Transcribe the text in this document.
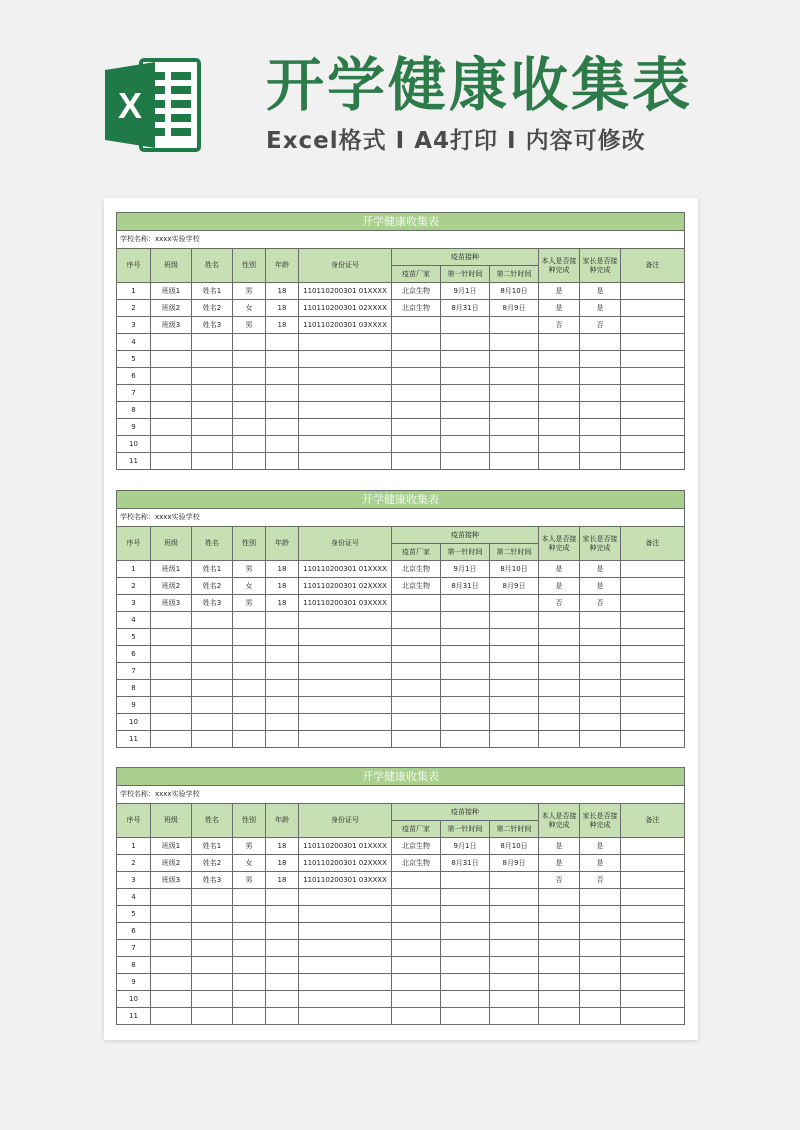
X 开学健康收集表
Excel格式 I A4打印 I 内容可修改
开学健康收集表											
学校名称：xxxx实验学校											
序号	班级	姓名	性别	年龄	身份证号	疫苗接种			本人是否接种完成	家长是否接种完成	备注
						疫苗厂家	第一针时间	第二针时间			
1	班级1	姓名1	男	18	110110200301 01XXXX	北京生物	9月1日	8月10日	是	是	
2	班级2	姓名2	女	18	110110200301 02XXXX	北京生物	8月31日	8月9日	是	是	
3	班级3	姓名3	男	18	110110200301 03XXXX				否	否	
4											
5											
6											
7											
8											
9											
10											
11											
开学健康收集表											
学校名称：xxxx实验学校											
序号	班级	姓名	性别	年龄	身份证号	疫苗接种			本人是否接种完成	家长是否接种完成	备注
						疫苗厂家	第一针时间	第二针时间			
1	班级1	姓名1	男	18	110110200301 01XXXX	北京生物	9月1日	8月10日	是	是	
2	班级2	姓名2	女	18	110110200301 02XXXX	北京生物	8月31日	8月9日	是	是	
3	班级3	姓名3	男	18	110110200301 03XXXX				否	否	
4											
5											
6											
7											
8											
9											
10											
11											
开学健康收集表											
学校名称：xxxx实验学校											
序号	班级	姓名	性别	年龄	身份证号	疫苗接种			本人是否接种完成	家长是否接种完成	备注
						疫苗厂家	第一针时间	第二针时间			
1	班级1	姓名1	男	18	110110200301 01XXXX	北京生物	9月1日	8月10日	是	是	
2	班级2	姓名2	女	18	110110200301 02XXXX	北京生物	8月31日	8月9日	是	是	
3	班级3	姓名3	男	18	110110200301 03XXXX				否	否	
4											
5											
6											
7											
8											
9											
10											
11											
